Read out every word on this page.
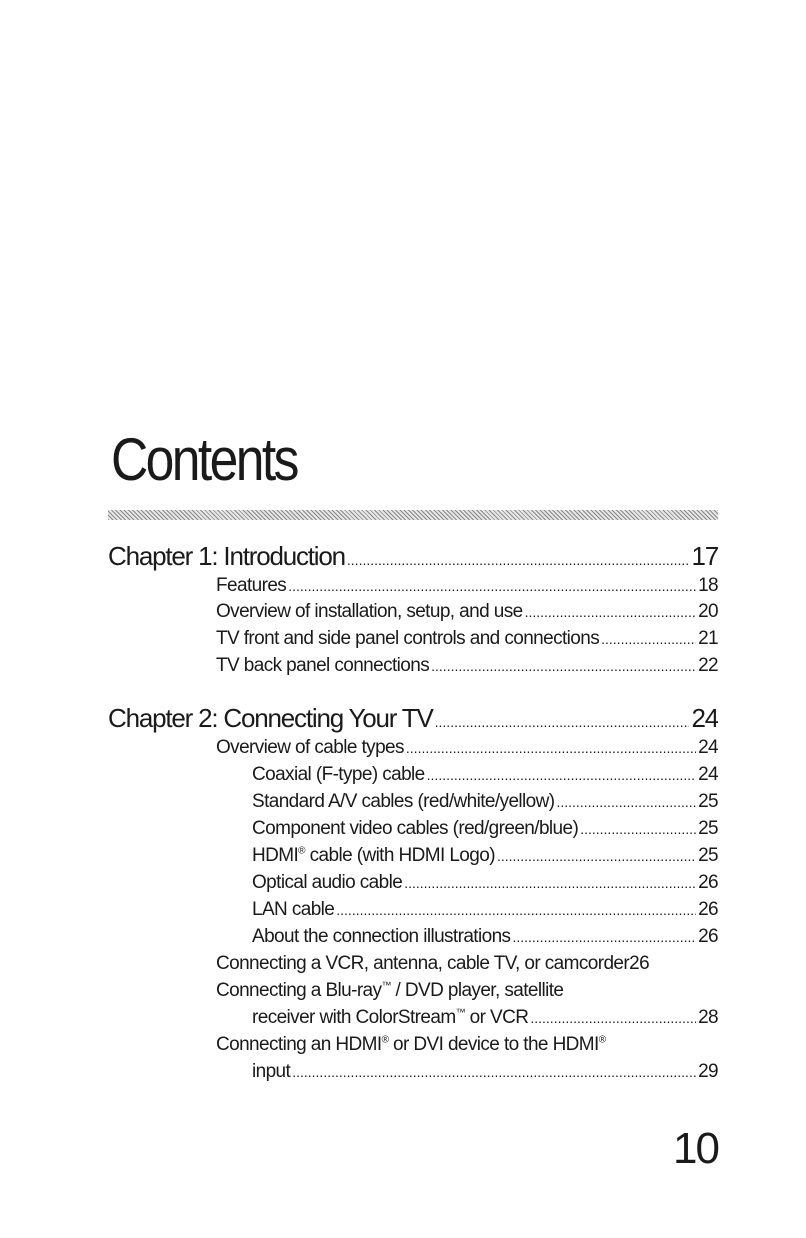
Contents
Chapter 1: Introduction .....	17
Features .....	18
Overview of installation, setup, and use .....	20
TV front and side panel controls and connections .....	21
TV back panel connections .....	22
Chapter 2: Connecting Your TV .....	24
Overview of cable types .....	24
Coaxial (F-type) cable .....	24
Standard A/V cables (red/white/yellow) .....	25
Component video cables (red/green/blue) .....	25
HDMI® cable (with HDMI Logo) .....	25
Optical audio cable .....	26
LAN cable .....	26
About the connection illustrations .....	26
Connecting a VCR, antenna, cable TV, or camcorder 26
Connecting a Blu-ray™ / DVD player, satellite
receiver with ColorStream™ or VCR .....	28
Connecting an HDMI® or DVI device to the HDMI®
input .....	29
10
